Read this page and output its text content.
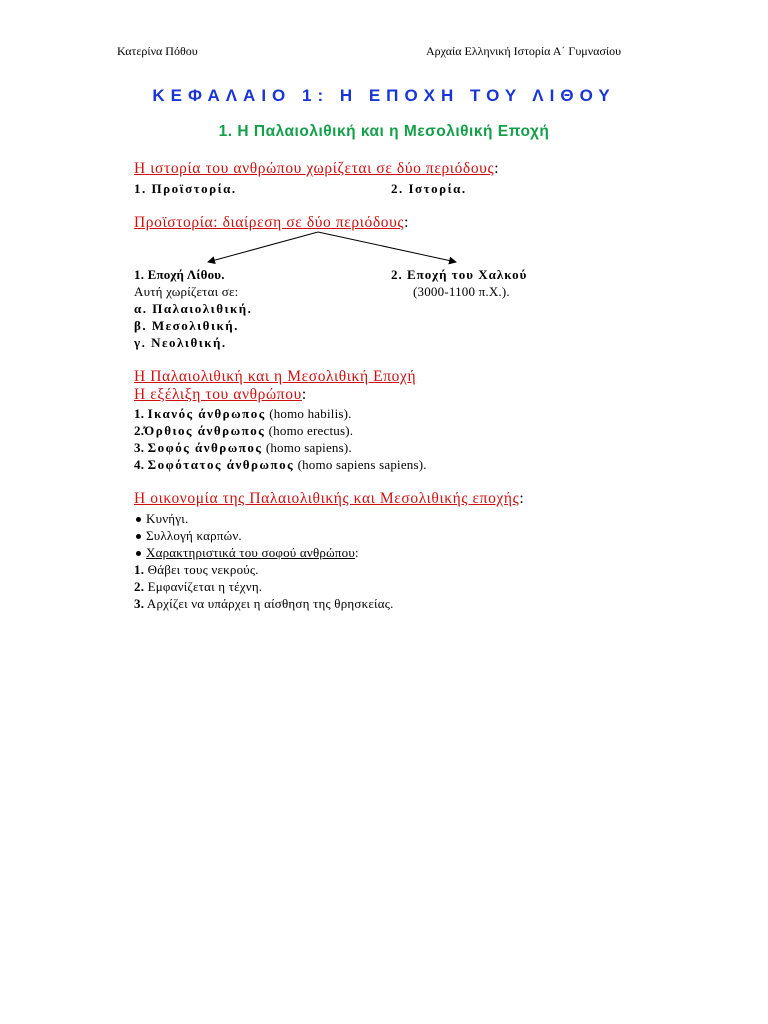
Κατερίνα Πόθου	Αρχαία Ελληνική Ιστορία Α΄ Γυμνασίου
ΚΕΦΑΛΑΙΟ 1: Η ΕΠΟΧΗ ΤΟΥ ΛΙΘΟΥ
1. Η Παλαιολιθική και η Μεσολιθική Εποχή
Η ιστορία του ανθρώπου χωρίζεται σε δύο περιόδους:
1. Προϊστορία.	2. Ιστορία.
Προϊστορία: διαίρεση σε δύο περιόδους:
1. Εποχή Λίθου.
Αυτή χωρίζεται σε:
α. Παλαιολιθική.
β. Μεσολιθική.
γ. Νεολιθική.
2. Εποχή του Χαλκού
(3000-1100 π.Χ.).
Η Παλαιολιθική και η Μεσολιθική Εποχή
Η εξέλιξη του ανθρώπου:
1. Ικανός άνθρωπος (homo habilis).
2.Όρθιος άνθρωπος (homo erectus).
3. Σοφός άνθρωπος (homo sapiens).
4. Σοφότατος άνθρωπος (homo sapiens sapiens).
Η οικονομία της Παλαιολιθικής και Μεσολιθικής εποχής:
Κυνήγι.
Συλλογή καρπών.
Χαρακτηριστικά του σοφού ανθρώπου:
1. Θάβει τους νεκρούς.
2. Εμφανίζεται η τέχνη.
3. Αρχίζει να υπάρχει η αίσθηση της θρησκείας.
